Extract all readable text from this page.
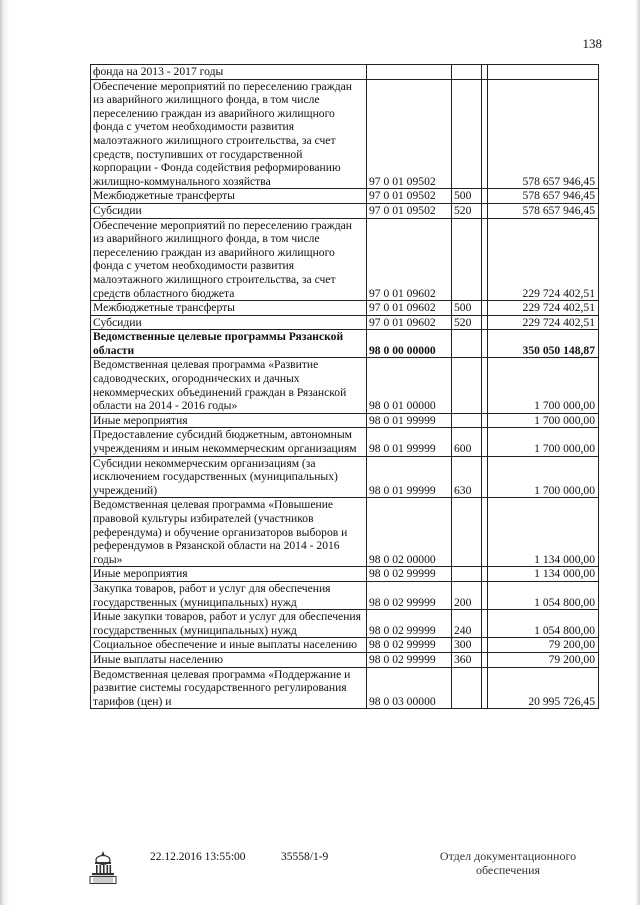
138
фонда на 2013 - 2017 годы				
Обеспечение мероприятий по переселению граждан из аварийного жилищного фонда, в том числе переселению граждан из аварийного жилищного фонда с учетом необходимости развития малоэтажного жилищного строительства, за счет средств, поступивших от государственной корпорации - Фонда содействия реформированию жилищно-коммунального хозяйства	97 0 01 09502			578 657 946,45
Межбюджетные трансферты	97 0 01 09502	500		578 657 946,45
Субсидии	97 0 01 09502	520		578 657 946,45
Обеспечение мероприятий по переселению граждан из аварийного жилищного фонда, в том числе переселению граждан из аварийного жилищного фонда с учетом необходимости развития малоэтажного жилищного строительства, за счет средств областного бюджета	97 0 01 09602			229 724 402,51
Межбюджетные трансферты	97 0 01 09602	500		229 724 402,51
Субсидии	97 0 01 09602	520		229 724 402,51
Ведомственные целевые программы Рязанской области	98 0 00 00000			350 050 148,87
Ведомственная целевая программа «Развитие садоводческих, огороднических и дачных некоммерческих объединений граждан в Рязанской области на 2014 - 2016 годы»	98 0 01 00000			1 700 000,00
Иные мероприятия	98 0 01 99999			1 700 000,00
Предоставление субсидий бюджетным, автономным учреждениям и иным некоммерческим организациям	98 0 01 99999	600		1 700 000,00
Субсидии некоммерческим организациям (за исключением государственных (муниципальных) учреждений)	98 0 01 99999	630		1 700 000,00
Ведомственная целевая программа «Повышение правовой культуры избирателей (участников референдума) и обучение организаторов выборов и референдумов в Рязанской области на 2014 - 2016 годы»	98 0 02 00000			1 134 000,00
Иные мероприятия	98 0 02 99999			1 134 000,00
Закупка товаров, работ и услуг для обеспечения государственных (муниципальных) нужд	98 0 02 99999	200		1 054 800,00
Иные закупки товаров, работ и услуг для обеспечения государственных (муниципальных) нужд	98 0 02 99999	240		1 054 800,00
Социальное обеспечение и иные выплаты населению	98 0 02 99999	300		79 200,00
Иные выплаты населению	98 0 02 99999	360		79 200,00
Ведомственная целевая программа «Поддержание и развитие системы государственного регулирования тарифов (цен) и	98 0 03 00000			20 995 726,45
22.12.2016 13:55:00	35558/1-9	Отдел документационного
обеспечения
